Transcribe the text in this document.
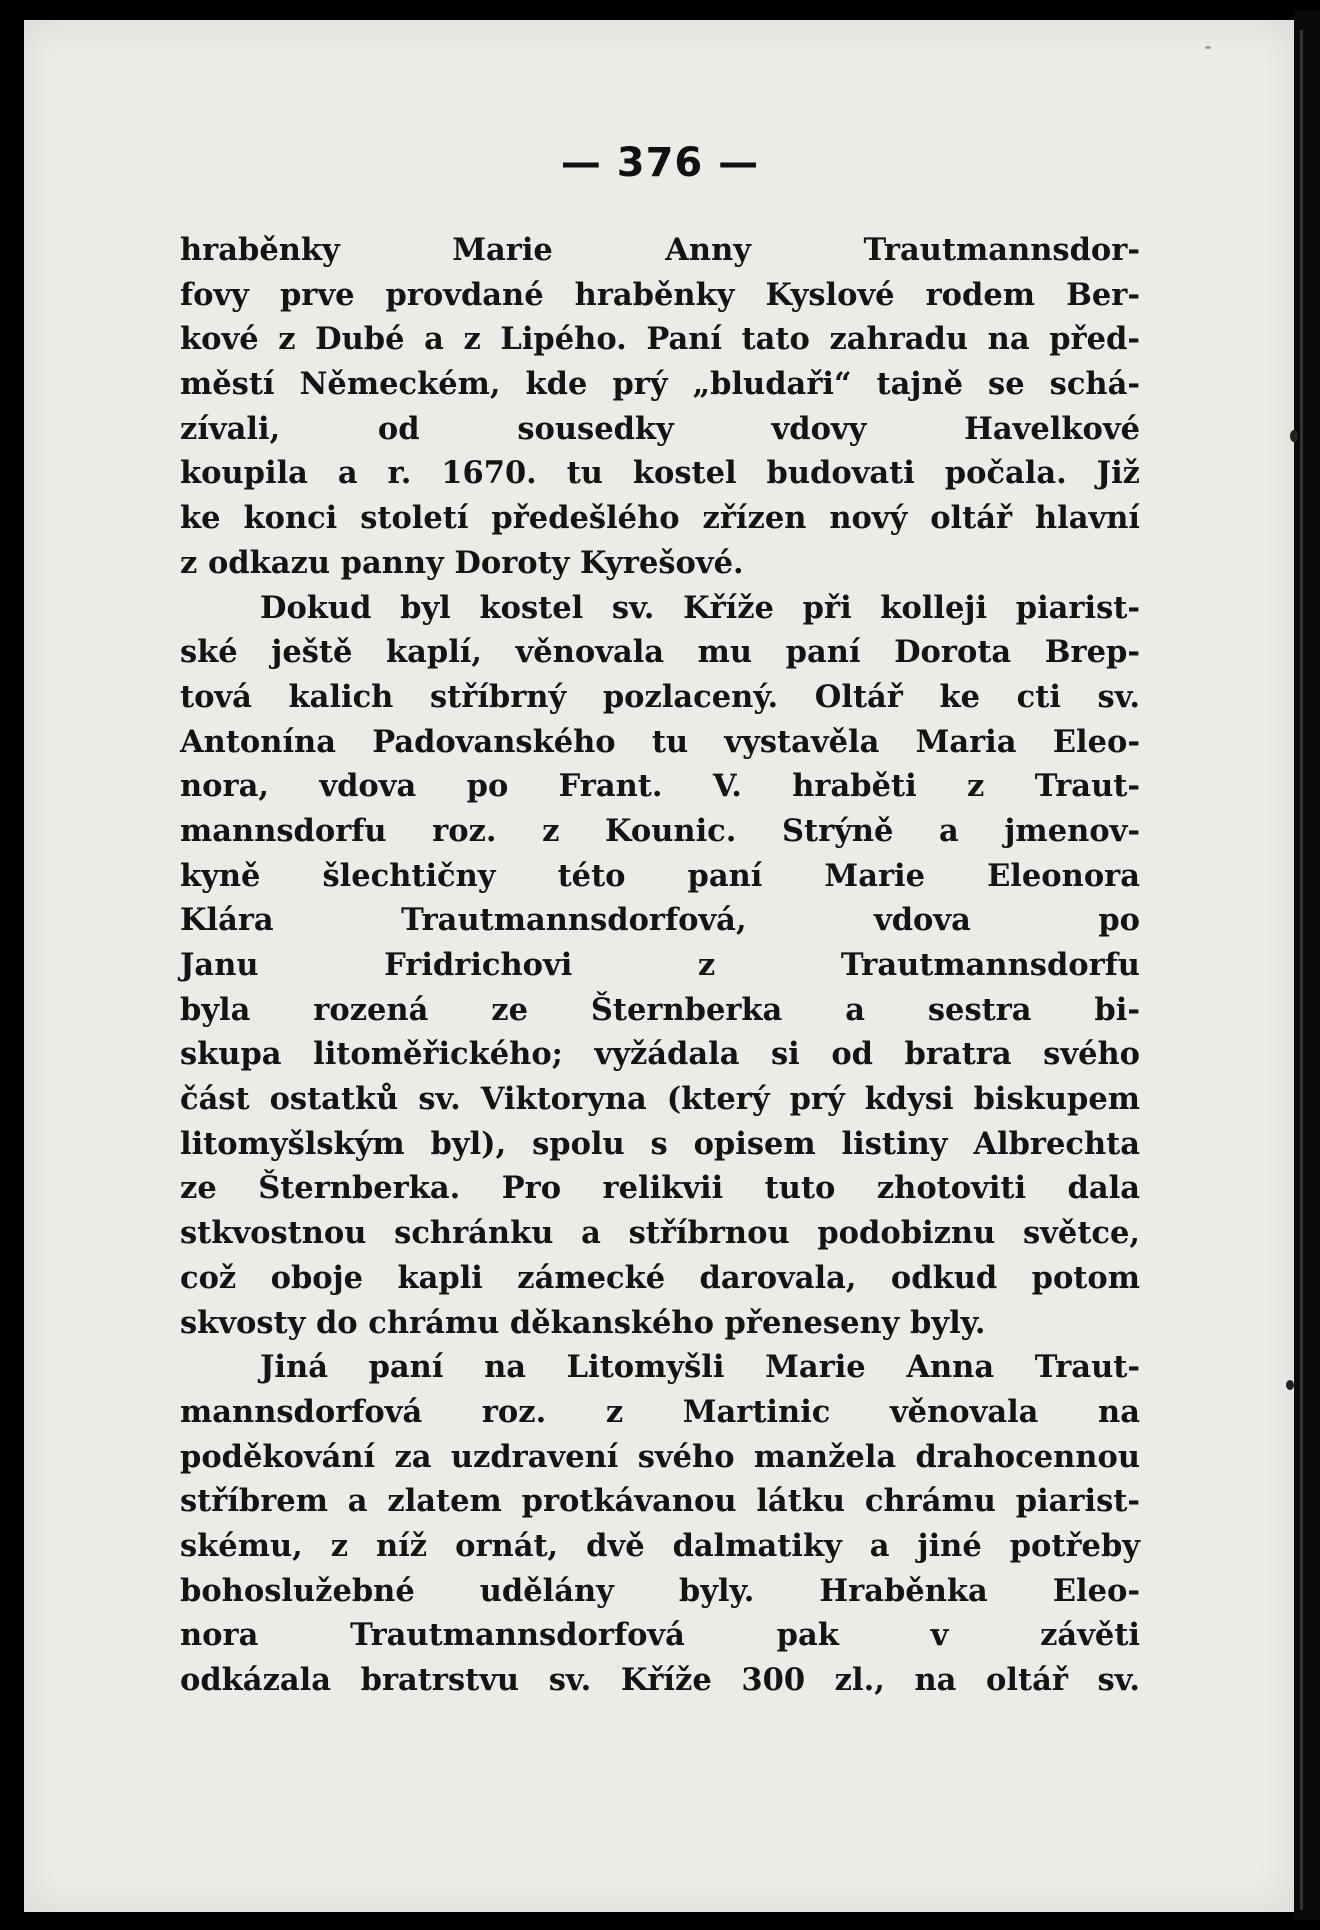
— 376 —
hraběnky Marie Anny Trautmannsdor-
fovy prve provdané hraběnky Kyslové rodem Ber-
kové z Dubé a z Lipého. Paní tato zahradu na před-
městí Německém, kde prý „bludaři“ tajně se schá-
zívali, od sousedky vdovy Havelkové
koupila a r. 1670. tu kostel budovati počala. Již
ke konci století předešlého zřízen nový oltář hlavní
z odkazu panny Doroty Kyrešové.
Dokud byl kostel sv. Kříže při kolleji piarist-
ské ještě kaplí, věnovala mu paní Dorota Brep-
tová kalich stříbrný pozlacený. Oltář ke cti sv.
Antonína Padovanského tu vystavěla Maria Eleo-
nora, vdova po Frant. V. hraběti z Traut-
mannsdorfu roz. z Kounic. Strýně a jmenov-
kyně šlechtičny této paní Marie Eleonora
Klára Trautmannsdorfová, vdova po
Janu Fridrichovi z Trautmannsdorfu
byla rozená ze Šternberka a sestra bi-
skupa litoměřického; vyžádala si od bratra svého
část ostatků sv. Viktoryna (který prý kdysi biskupem
litomyšlským byl), spolu s opisem listiny Albrechta
ze Šternberka. Pro relikvii tuto zhotoviti dala
stkvostnou schránku a stříbrnou podobiznu světce,
což oboje kapli zámecké darovala, odkud potom
skvosty do chrámu děkanského přeneseny byly.
Jiná paní na Litomyšli Marie Anna Traut-
mannsdorfová roz. z Martinic věnovala na
poděkování za uzdravení svého manžela drahocennou
stříbrem a zlatem protkávanou látku chrámu piarist-
skému, z níž ornát, dvě dalmatiky a jiné potřeby
bohoslužebné udělány byly. Hraběnka Eleo-
nora Trautmannsdorfová pak v závěti
odkázala bratrstvu sv. Kříže 300 zl., na oltář sv.
